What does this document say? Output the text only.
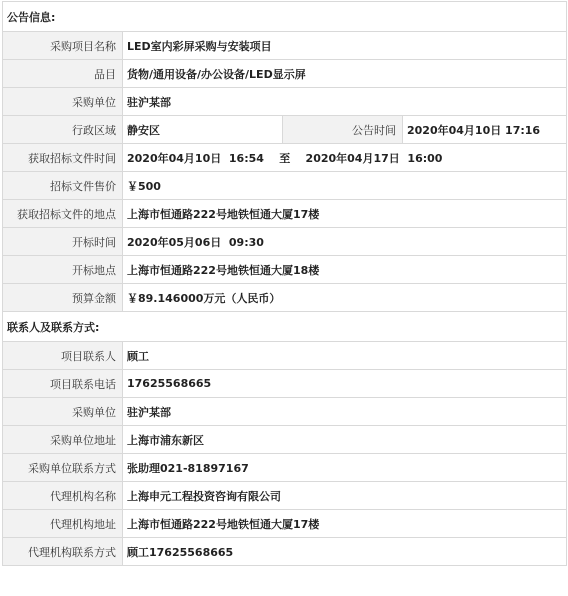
公告信息:			
采购项目名称	LED室内彩屏采购与安装项目		
品目	货物/通用设备/办公设备/LED显示屏		
采购单位	驻沪某部		
行政区域	静安区	公告时间	2020年04月10日 17:16
获取招标文件时间	2020年04月10日  16:54    至    2020年04月17日  16:00		
招标文件售价	￥500		
获取招标文件的地点	上海市恒通路222号地铁恒通大厦17楼		
开标时间	2020年05月06日  09:30		
开标地点	上海市恒通路222号地铁恒通大厦18楼		
预算金额	￥89.146000万元（人民币）		
联系人及联系方式:			
项目联系人	顾工		
项目联系电话	17625568665		
采购单位	驻沪某部		
采购单位地址	上海市浦东新区		
采购单位联系方式	张助理021-81897167		
代理机构名称	上海申元工程投资咨询有限公司		
代理机构地址	上海市恒通路222号地铁恒通大厦17楼		
代理机构联系方式	顾工17625568665		
